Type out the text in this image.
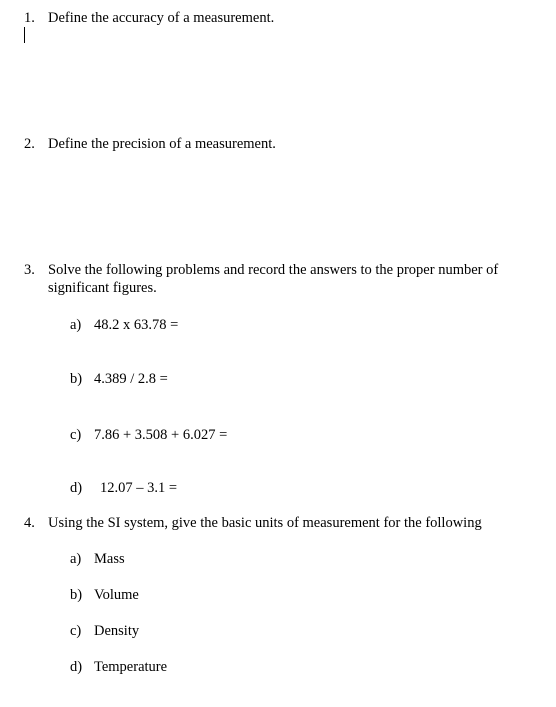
1. Define the accuracy of a measurement.
2. Define the precision of a measurement.
3. Solve the following problems and record the answers to the proper number of
significant figures.
a) 48.2 x 63.78 =
b) 4.389 / 2.8 =
c) 7.86 + 3.508 + 6.027 =
d) 12.07 – 3.1 =
4. Using the SI system, give the basic units of measurement for the following
a) Mass
b) Volume
c) Density
d) Temperature
